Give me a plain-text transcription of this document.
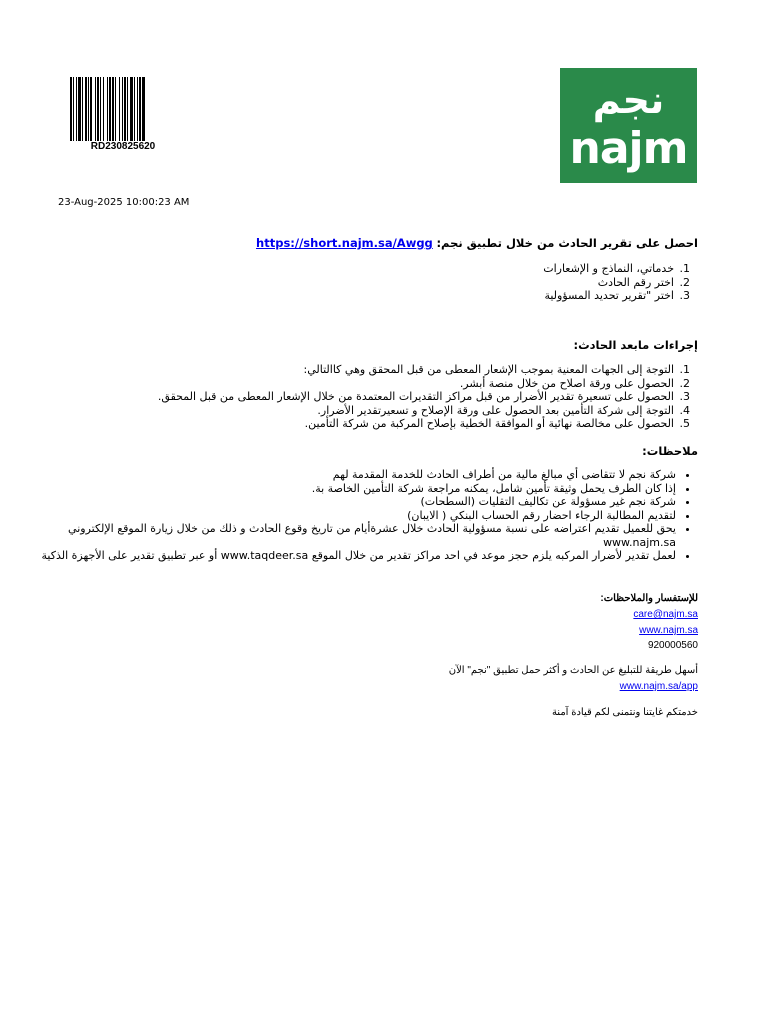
نجم
najm
RD230825620
23-Aug-2025 10:00:23 AM
احصل على تقرير الحادث من خلال تطبيق نجم: https://short.najm.sa/Awgg
1. خدماتي، النماذج و الإشعارات
2. اختر رقم الحادث
3. اختر "تقرير تحديد المسؤولية
إجراءات مابعد الحادث:
1. التوجة إلى الجهات المعنية بموجب الإشعار المعطى من قبل المحقق وهي كاالتالي:
2. الحصول على ورقة اصلاح من خلال منصة أبشر.
3. الحصول على تسعيرة تقدير الأضرار من قبل مراكز التقديرات المعتمدة من خلال الإشعار المعطى من قبل المحقق.
4. التوجة إلى شركة التأمين بعد الحصول على ورقة الإصلاح و تسعيرتقدير الأضرار.
5. الحصول على مخالصة نهائية أو الموافقة الخطية بإصلاح المركبة من شركة التأمين.
ملاحظات:
• شركة نجم لا تتقاضى أي مبالغ مالية من أطراف الحادث للخدمة المقدمة لهم
• إذا كان الطرف يحمل وثيقة تأمين شامل، يمكنه مراجعة شركة التأمين الخاصة بة.
• شركة نجم غير مسؤولة عن تكاليف التقليات (السطحات)
• لتقديم المطالبة الرجاء احضار رقم الحساب البنكي ( الايبان)
• يحق للعميل تقديم اعتراضه على نسبة مسؤولية الحادث خلال عشرةأيام من تاريخ وقوع الحادث و ذلك من خلال زيارة الموقع الإلكتروني www.najm.sa
• لعمل تقدير لأضرار المركبه يلزم حجز موعد في احد مراكز تقدير من خلال الموقع www.taqdeer.sa أو عبر تطبيق تقدير على الأجهزة الذكية
للإستفسار والملاحظات:
care@najm.sa
www.najm.sa
920000560
أسهل طريقة للتبليغ عن الحادث و أكثر حمل تطبيق "نجم" الآن
www.najm.sa/app
خدمتكم غايتنا ونتمنى لكم قيادة آمنة
